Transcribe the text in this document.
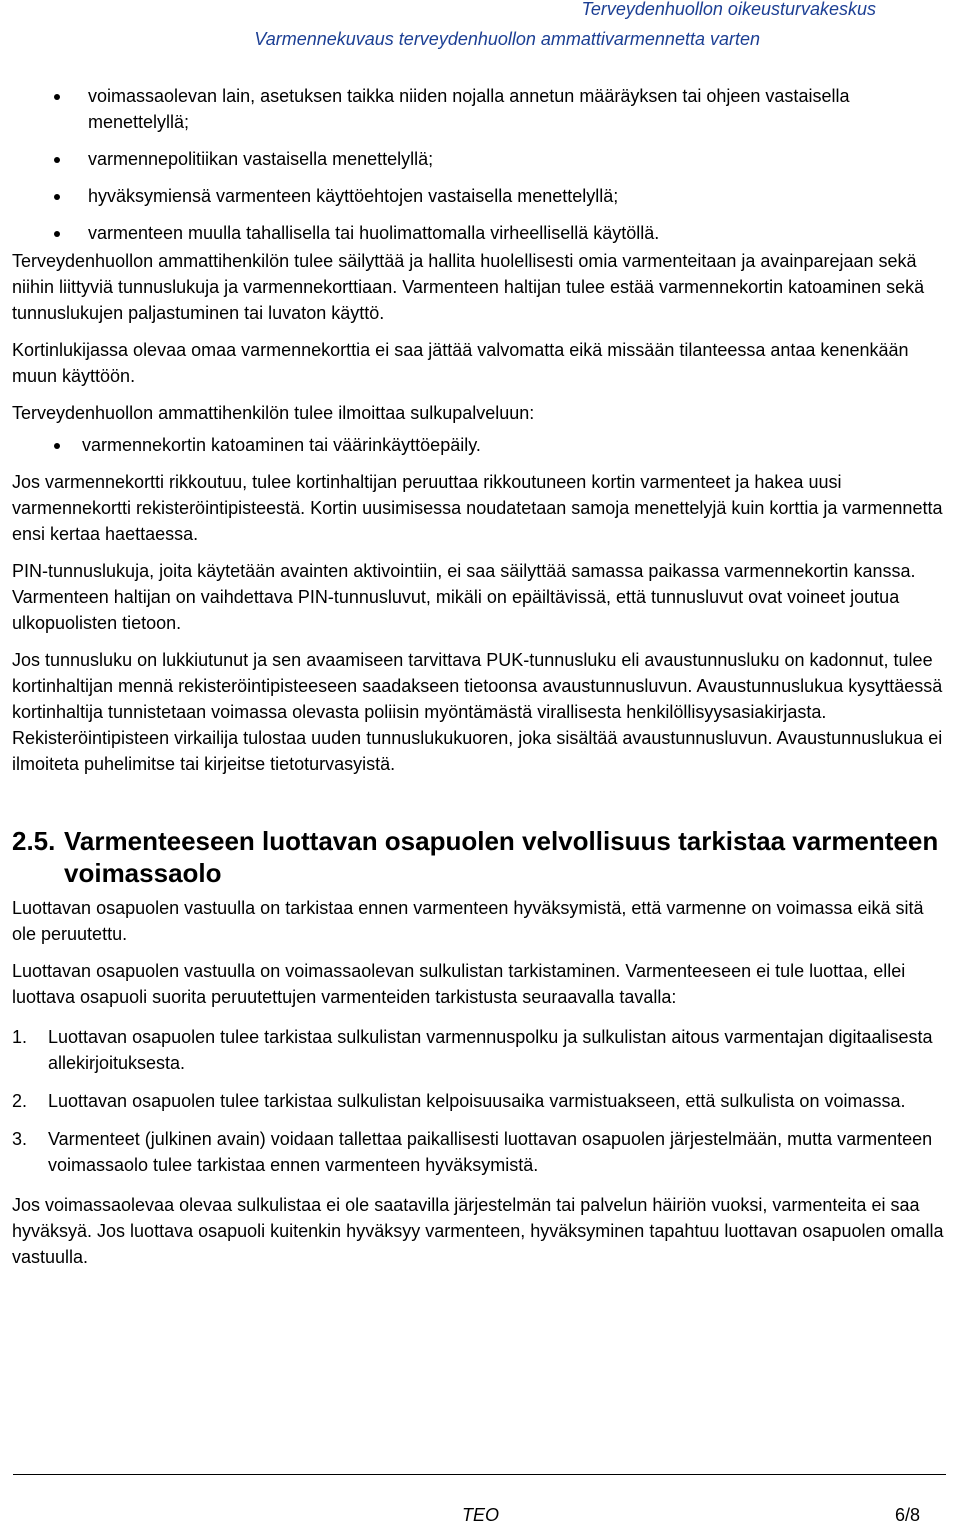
Terveydenhuollon oikeusturvakeskus
Varmennekuvaus terveydenhuollon ammattivarmennetta varten
voimassaolevan lain, asetuksen taikka niiden nojalla annetun määräyksen tai ohjeen vastaisella menettelyllä;
varmennepolitiikan vastaisella menettelyllä;
hyväksymiensä varmenteen käyttöehtojen vastaisella menettelyllä;
varmenteen muulla tahallisella tai huolimattomalla virheellisellä käytöllä.

Terveydenhuollon ammattihenkilön tulee säilyttää ja hallita huolellisesti omia varmenteitaan ja avainparejaan sekä niihin liittyviä tunnuslukuja ja varmennekorttiaan. Varmenteen haltijan tulee estää varmennekortin katoaminen sekä tunnuslukujen paljastuminen tai luvaton käyttö.

Kortinlukijassa olevaa omaa varmennekorttia ei saa jättää valvomatta eikä missään tilanteessa antaa kenenkään muun käyttöön.

Terveydenhuollon ammattihenkilön tulee ilmoittaa sulkupalveluun:

varmennekortin katoaminen tai väärinkäyttöepäily.

Jos varmennekortti rikkoutuu, tulee kortinhaltijan peruuttaa rikkoutuneen kortin varmenteet ja hakea uusi varmennekortti rekisteröintipisteestä. Kortin uusimisessa noudatetaan samoja menettelyjä kuin korttia ja varmennetta ensi kertaa haettaessa.

PIN-tunnuslukuja, joita käytetään avainten aktivointiin, ei saa säilyttää samassa paikassa varmennekortin kanssa. Varmenteen haltijan on vaihdettava PIN-tunnusluvut, mikäli on epäiltävissä, että tunnusluvut ovat voineet joutua ulkopuolisten tietoon.

Jos tunnusluku on lukkiutunut ja sen avaamiseen tarvittava PUK-tunnusluku eli avaustunnusluku on kadonnut, tulee kortinhaltijan mennä rekisteröintipisteeseen saadakseen tietoonsa avaustunnusluvun. Avaustunnuslukua kysyttäessä kortinhaltija tunnistetaan voimassa olevasta poliisin myöntämästä virallisesta henkilöllisyysasiakirjasta. Rekisteröintipisteen virkailija tulostaa uuden tunnuslukukuoren, joka sisältää avaustunnusluvun. Avaustunnuslukua ei ilmoiteta puhelimitse tai kirjeitse tietoturvasyistä.

2.5. Varmenteeseen luottavan osapuolen velvollisuus tarkistaa varmenteen voimassaolo

Luottavan osapuolen vastuulla on tarkistaa ennen varmenteen hyväksymistä, että varmenne on voimassa eikä sitä ole peruutettu.

Luottavan osapuolen vastuulla on voimassaolevan sulkulistan tarkistaminen. Varmenteeseen ei tule luottaa, ellei luottava osapuoli suorita peruutettujen varmenteiden tarkistusta seuraavalla tavalla:

1. Luottavan osapuolen tulee tarkistaa sulkulistan varmennuspolku ja sulkulistan aitous varmentajan digitaalisesta allekirjoituksesta.
2. Luottavan osapuolen tulee tarkistaa sulkulistan kelpoisuusaika varmistuakseen, että sulkulista on voimassa.
3. Varmenteet (julkinen avain) voidaan tallettaa paikallisesti luottavan osapuolen järjestelmään, mutta varmenteen voimassaolo tulee tarkistaa ennen varmenteen hyväksymistä.

Jos voimassaolevaa olevaa sulkulistaa ei ole saatavilla järjestelmän tai palvelun häiriön vuoksi, varmenteita ei saa hyväksyä. Jos luottava osapuoli kuitenkin hyväksyy varmenteen, hyväksyminen tapahtuu luottavan osapuolen omalla vastuulla.

TEO	6/8
